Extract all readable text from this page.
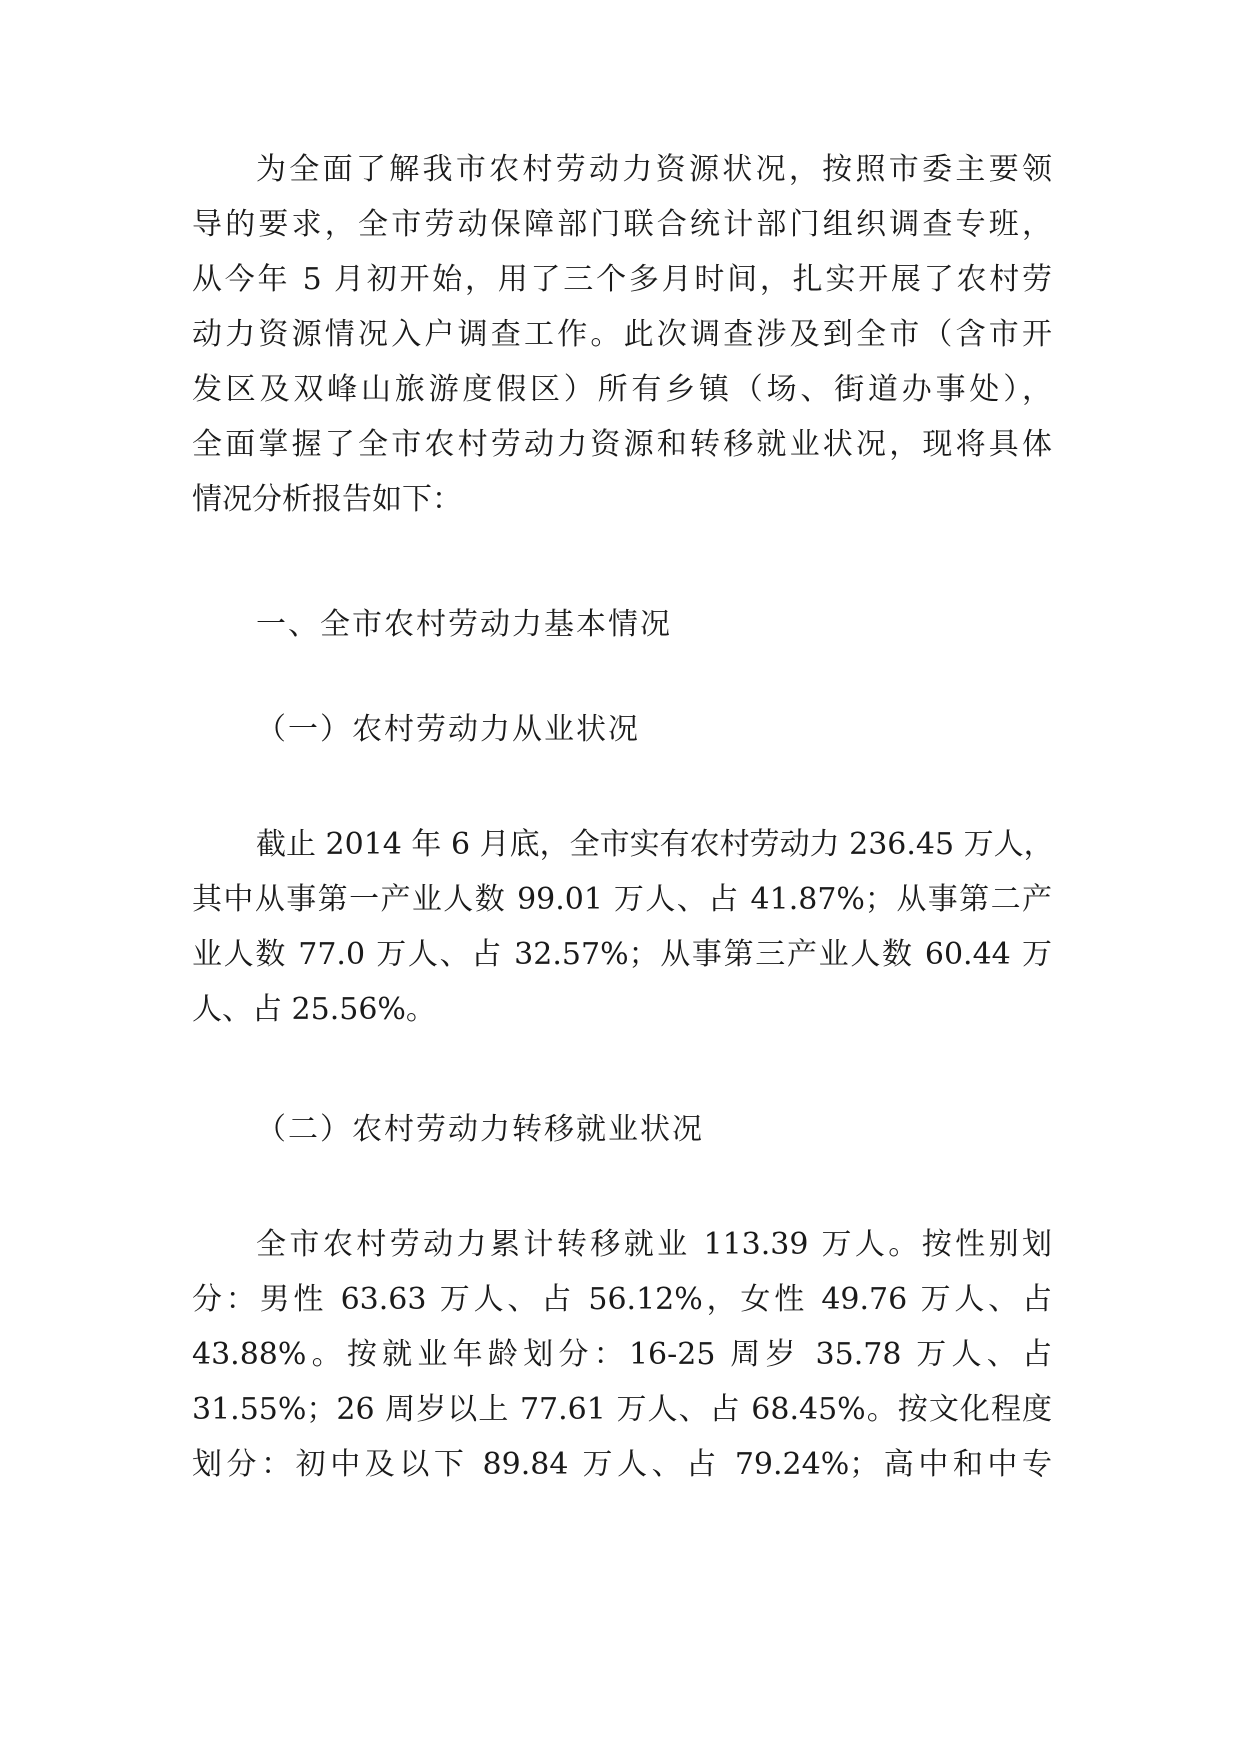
为全面了解我市农村劳动力资源状况，按照市委主要领
导的要求，全市劳动保障部门联合统计部门组织调查专班，
从今年 5 月初开始，用了三个多月时间，扎实开展了农村劳
动力资源情况入户调查工作。此次调查涉及到全市（含市开
发区及双峰山旅游度假区）所有乡镇（场、街道办事处），
全面掌握了全市农村劳动力资源和转移就业状况，现将具体
情况分析报告如下：
一、全市农村劳动力基本情况
（一）农村劳动力从业状况
截止 2014 年 6 月底，全市实有农村劳动力 236.45 万人，
其中从事第一产业人数 99.01 万人、占 41.87%；从事第二产
业人数 77.0 万人、占 32.57%；从事第三产业人数 60.44 万
人、占 25.56%。
（二）农村劳动力转移就业状况
全市农村劳动力累计转移就业 113.39 万人。按性别划
分：男性 63.63 万人、占 56.12%，女性 49.76 万人、占
43.88%。按就业年龄划分：16-25 周岁 35.78 万人、占
31.55%；26 周岁以上 77.61 万人、占 68.45%。按文化程度
划分：初中及以下 89.84 万人、占 79.24%；高中和中专
